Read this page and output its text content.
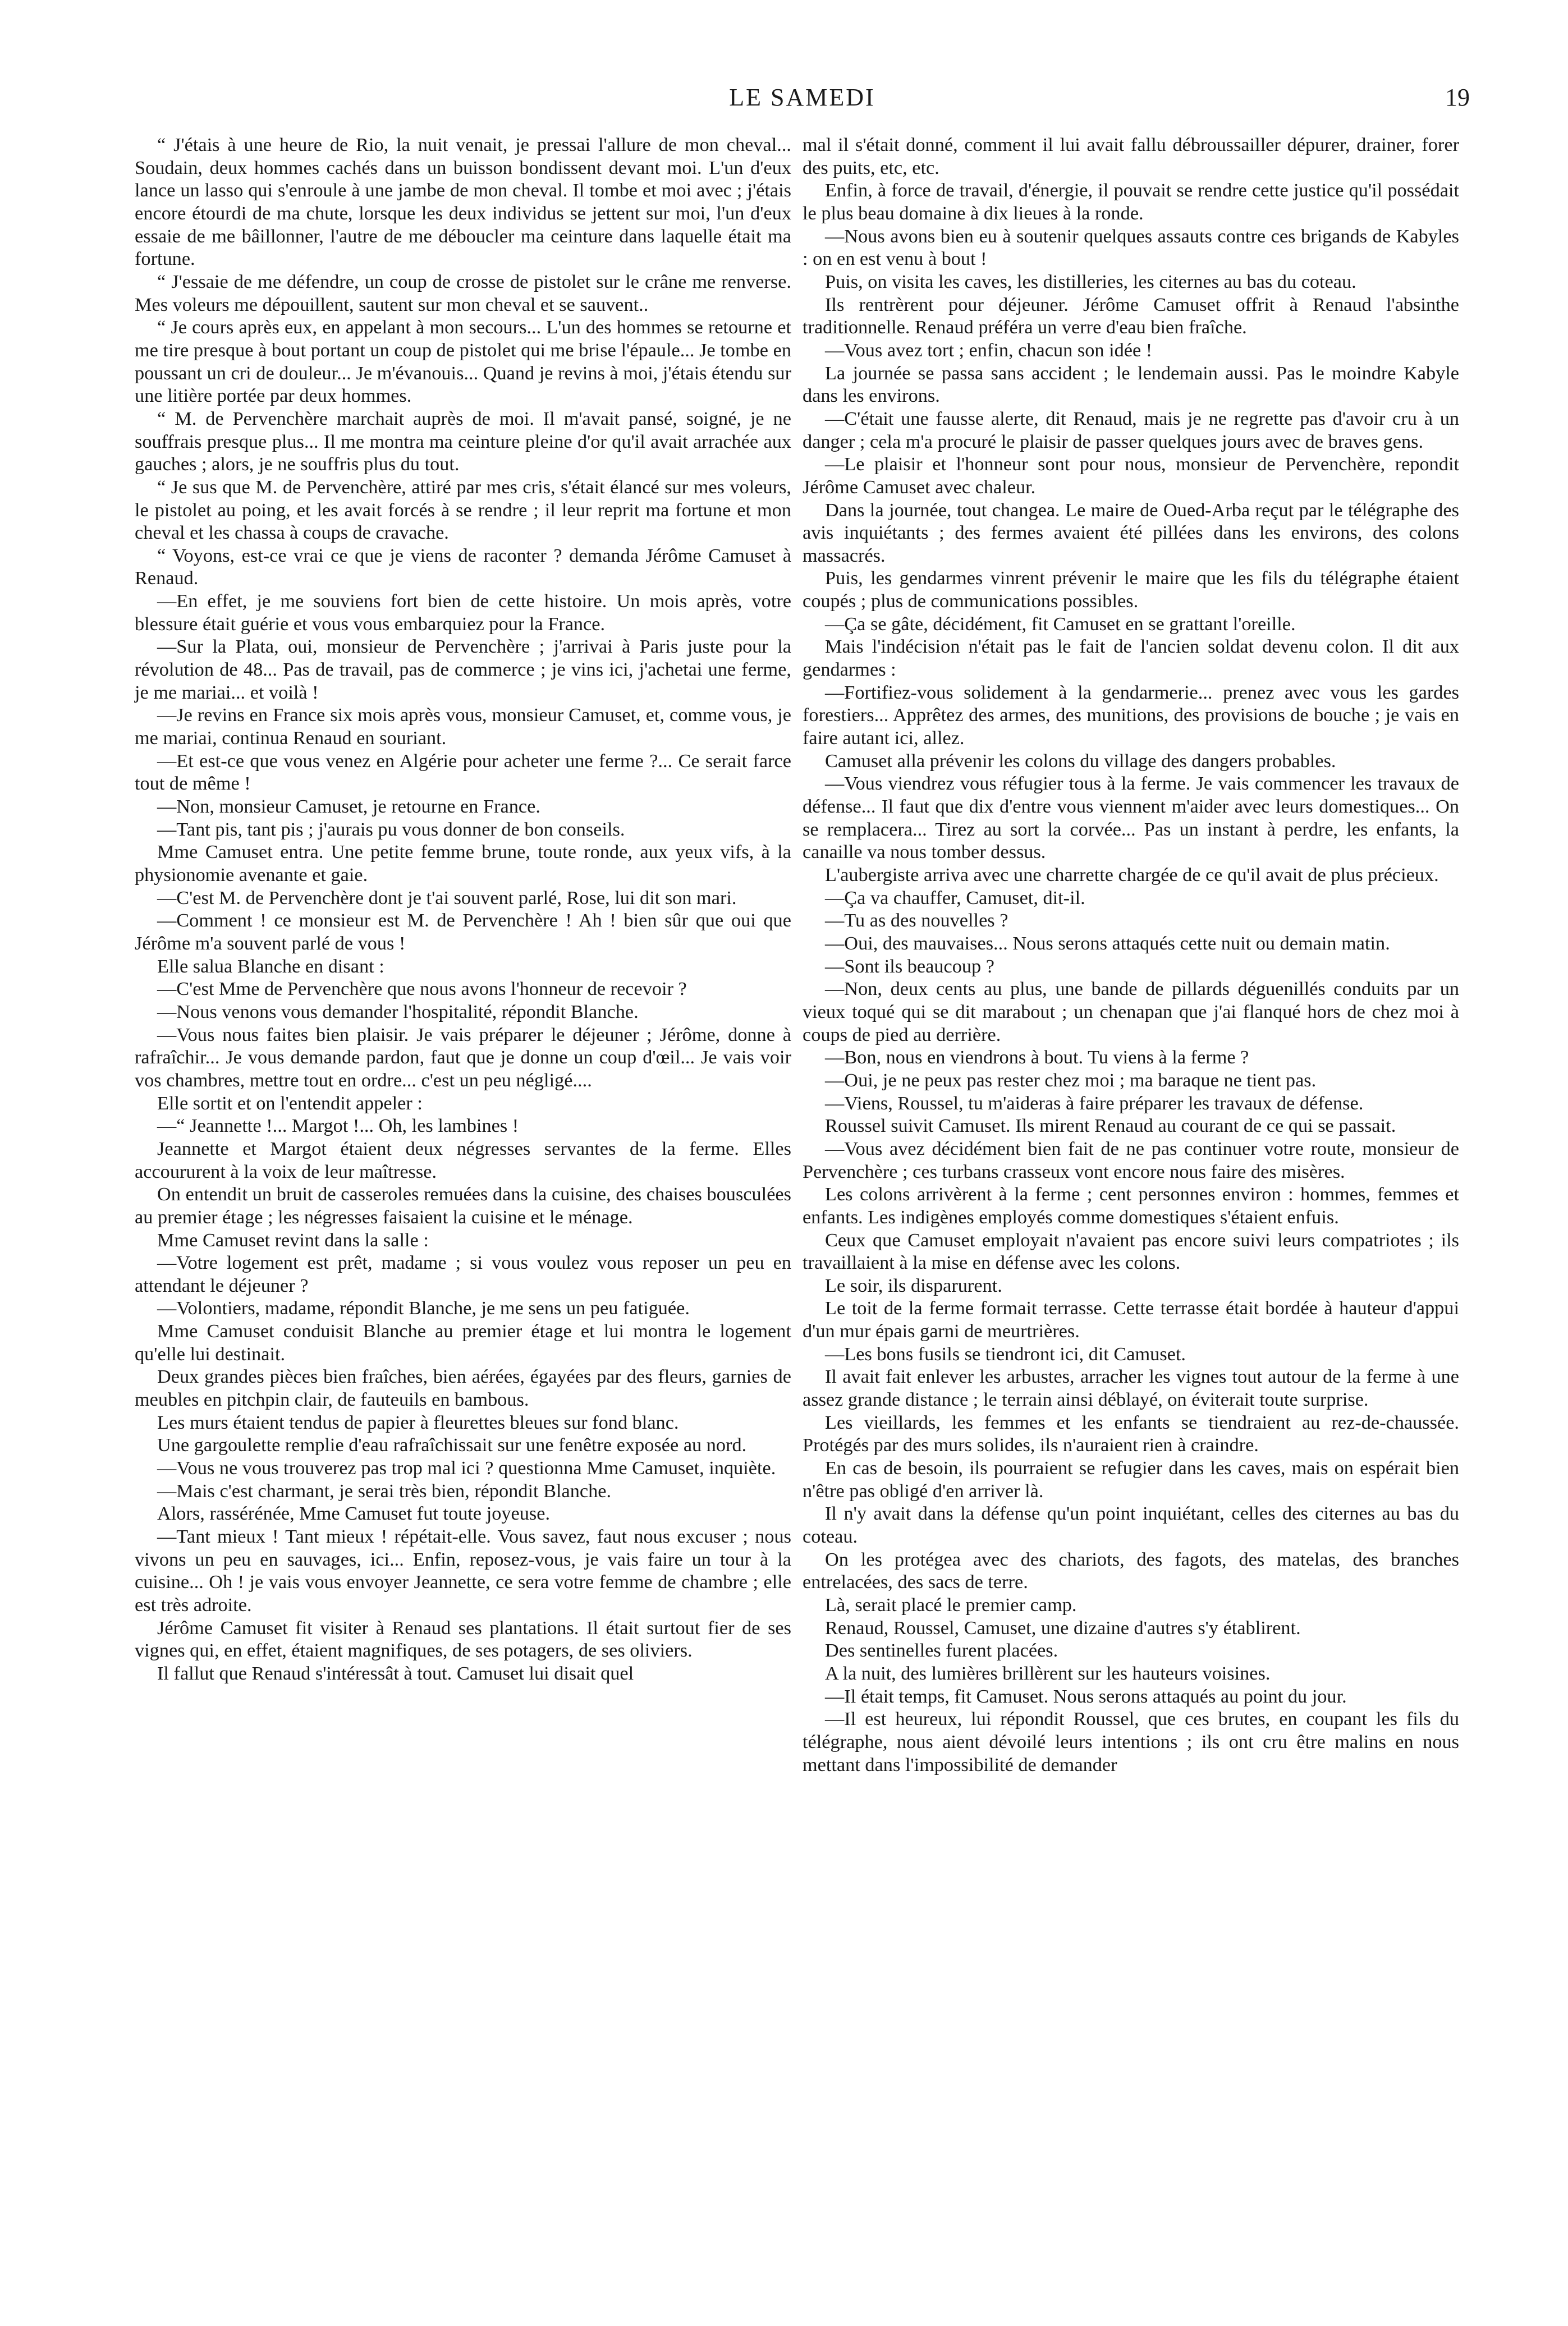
LE SAMEDI	19

“ J'étais à une heure de Rio, la nuit venait, je pressai l'allure de mon cheval... Soudain, deux hommes cachés dans un buisson bondissent devant moi. L'un d'eux lance un lasso qui s'enroule à une jambe de mon cheval. Il tombe et moi avec ; j'étais encore étourdi de ma chute, lorsque les deux individus se jettent sur moi, l'un d'eux essaie de me bâillonner, l'autre de me déboucler ma ceinture dans laquelle était ma fortune.

“ J'essaie de me défendre, un coup de crosse de pistolet sur le crâne me renverse. Mes voleurs me dépouillent, sautent sur mon cheval et se sauvent..

“ Je cours après eux, en appelant à mon secours... L'un des hommes se retourne et me tire presque à bout portant un coup de pistolet qui me brise l'épaule... Je tombe en poussant un cri de douleur... Je m'évanouis... Quand je revins à moi, j'étais étendu sur une litière portée par deux hommes.

“ M. de Pervenchère marchait auprès de moi. Il m'avait pansé, soigné, je ne souffrais presque plus... Il me montra ma ceinture pleine d'or qu'il avait arrachée aux gauches ; alors, je ne souffris plus du tout.

“ Je sus que M. de Pervenchère, attiré par mes cris, s'était élancé sur mes voleurs, le pistolet au poing, et les avait forcés à se rendre ; il leur reprit ma fortune et mon cheval et les chassa à coups de cravache.

“ Voyons, est-ce vrai ce que je viens de raconter ? demanda Jérôme Camuset à Renaud.

—En effet, je me souviens fort bien de cette histoire. Un mois après, votre blessure était guérie et vous vous embarquiez pour la France.

—Sur la Plata, oui, monsieur de Pervenchère ; j'arrivai à Paris juste pour la révolution de 48... Pas de travail, pas de commerce ; je vins ici, j'achetai une ferme, je me mariai... et voilà !

—Je revins en France six mois après vous, monsieur Camuset, et, comme vous, je me mariai, continua Renaud en souriant.

—Et est-ce que vous venez en Algérie pour acheter une ferme ?... Ce serait farce tout de même !

—Non, monsieur Camuset, je retourne en France.

—Tant pis, tant pis ; j'aurais pu vous donner de bon conseils.

Mme Camuset entra. Une petite femme brune, toute ronde, aux yeux vifs, à la physionomie avenante et gaie.

—C'est M. de Pervenchère dont je t'ai souvent parlé, Rose, lui dit son mari.

—Comment ! ce monsieur est M. de Pervenchère ! Ah ! bien sûr que oui que Jérôme m'a souvent parlé de vous !

Elle salua Blanche en disant :

—C'est Mme de Pervenchère que nous avons l'honneur de recevoir ?

—Nous venons vous demander l'hospitalité, répondit Blanche.

—Vous nous faites bien plaisir. Je vais préparer le déjeuner ; Jérôme, donne à rafraîchir... Je vous demande pardon, faut que je donne un coup d'œil... Je vais voir vos chambres, mettre tout en ordre... c'est un peu négligé....

Elle sortit et on l'entendit appeler :

—“ Jeannette !... Margot !... Oh, les lambines !

Jeannette et Margot étaient deux négresses servantes de la ferme. Elles accoururent à la voix de leur maîtresse.

On entendit un bruit de casseroles remuées dans la cuisine, des chaises bousculées au premier étage ; les négresses faisaient la cuisine et le ménage.

Mme Camuset revint dans la salle :

—Votre logement est prêt, madame ; si vous voulez vous reposer un peu en attendant le déjeuner ?

—Volontiers, madame, répondit Blanche, je me sens un peu fatiguée.

Mme Camuset conduisit Blanche au premier étage et lui montra le logement qu'elle lui destinait.

Deux grandes pièces bien fraîches, bien aérées, égayées par des fleurs, garnies de meubles en pitchpin clair, de fauteuils en bambous.

Les murs étaient tendus de papier à fleurettes bleues sur fond blanc.

Une gargoulette remplie d'eau rafraîchissait sur une fenêtre exposée au nord.

—Vous ne vous trouverez pas trop mal ici ? questionna Mme Camuset, inquiète.

—Mais c'est charmant, je serai très bien, répondit Blanche.

Alors, rassérénée, Mme Camuset fut toute joyeuse.

—Tant mieux ! Tant mieux ! répétait-elle. Vous savez, faut nous excuser ; nous vivons un peu en sauvages, ici... Enfin, reposez-vous, je vais faire un tour à la cuisine... Oh ! je vais vous envoyer Jeannette, ce sera votre femme de chambre ; elle est très adroite.

Jérôme Camuset fit visiter à Renaud ses plantations. Il était surtout fier de ses vignes qui, en effet, étaient magnifiques, de ses potagers, de ses oliviers.

Il fallut que Renaud s'intéressât à tout. Camuset lui disait quel

mal il s'était donné, comment il lui avait fallu débroussailler dépurer, drainer, forer des puits, etc, etc.

Enfin, à force de travail, d'énergie, il pouvait se rendre cette justice qu'il possédait le plus beau domaine à dix lieues à la ronde.

—Nous avons bien eu à soutenir quelques assauts contre ces brigands de Kabyles : on en est venu à bout !

Puis, on visita les caves, les distilleries, les citernes au bas du coteau.

Ils rentrèrent pour déjeuner. Jérôme Camuset offrit à Renaud l'absinthe traditionnelle. Renaud préféra un verre d'eau bien fraîche.

—Vous avez tort ; enfin, chacun son idée !

La journée se passa sans accident ; le lendemain aussi. Pas le moindre Kabyle dans les environs.

—C'était une fausse alerte, dit Renaud, mais je ne regrette pas d'avoir cru à un danger ; cela m'a procuré le plaisir de passer quelques jours avec de braves gens.

—Le plaisir et l'honneur sont pour nous, monsieur de Pervenchère, repondit Jérôme Camuset avec chaleur.

Dans la journée, tout changea. Le maire de Oued-Arba reçut par le télégraphe des avis inquiétants ; des fermes avaient été pillées dans les environs, des colons massacrés.

Puis, les gendarmes vinrent prévenir le maire que les fils du télégraphe étaient coupés ; plus de communications possibles.

—Ça se gâte, décidément, fit Camuset en se grattant l'oreille.

Mais l'indécision n'était pas le fait de l'ancien soldat devenu colon. Il dit aux gendarmes :

—Fortifiez-vous solidement à la gendarmerie... prenez avec vous les gardes forestiers... Apprêtez des armes, des munitions, des provisions de bouche ; je vais en faire autant ici, allez.

Camuset alla prévenir les colons du village des dangers probables.

—Vous viendrez vous réfugier tous à la ferme. Je vais commencer les travaux de défense... Il faut que dix d'entre vous viennent m'aider avec leurs domestiques... On se remplacera... Tirez au sort la corvée... Pas un instant à perdre, les enfants, la canaille va nous tomber dessus.

L'aubergiste arriva avec une charrette chargée de ce qu'il avait de plus précieux.

—Ça va chauffer, Camuset, dit-il.

—Tu as des nouvelles ?

—Oui, des mauvaises... Nous serons attaqués cette nuit ou demain matin.

—Sont ils beaucoup ?

—Non, deux cents au plus, une bande de pillards déguenillés conduits par un vieux toqué qui se dit marabout ; un chenapan que j'ai flanqué hors de chez moi à coups de pied au derrière.

—Bon, nous en viendrons à bout. Tu viens à la ferme ?

—Oui, je ne peux pas rester chez moi ; ma baraque ne tient pas.

—Viens, Roussel, tu m'aideras à faire préparer les travaux de défense.

Roussel suivit Camuset. Ils mirent Renaud au courant de ce qui se passait.

—Vous avez décidément bien fait de ne pas continuer votre route, monsieur de Pervenchère ; ces turbans crasseux vont encore nous faire des misères.

Les colons arrivèrent à la ferme ; cent personnes environ : hommes, femmes et enfants. Les indigènes employés comme domestiques s'étaient enfuis.

Ceux que Camuset employait n'avaient pas encore suivi leurs compatriotes ; ils travaillaient à la mise en défense avec les colons.

Le soir, ils disparurent.

Le toit de la ferme formait terrasse. Cette terrasse était bordée à hauteur d'appui d'un mur épais garni de meurtrières.

—Les bons fusils se tiendront ici, dit Camuset.

Il avait fait enlever les arbustes, arracher les vignes tout autour de la ferme à une assez grande distance ; le terrain ainsi déblayé, on éviterait toute surprise.

Les vieillards, les femmes et les enfants se tiendraient au rez-de-chaussée. Protégés par des murs solides, ils n'auraient rien à craindre.

En cas de besoin, ils pourraient se refugier dans les caves, mais on espérait bien n'être pas obligé d'en arriver là.

Il n'y avait dans la défense qu'un point inquiétant, celles des citernes au bas du coteau.

On les protégea avec des chariots, des fagots, des matelas, des branches entrelacées, des sacs de terre.

Là, serait placé le premier camp.

Renaud, Roussel, Camuset, une dizaine d'autres s'y établirent.

Des sentinelles furent placées.

A la nuit, des lumières brillèrent sur les hauteurs voisines.

—Il était temps, fit Camuset. Nous serons attaqués au point du jour.

—Il est heureux, lui répondit Roussel, que ces brutes, en coupant les fils du télégraphe, nous aient dévoilé leurs intentions ; ils ont cru être malins en nous mettant dans l'impossibilité de demander
